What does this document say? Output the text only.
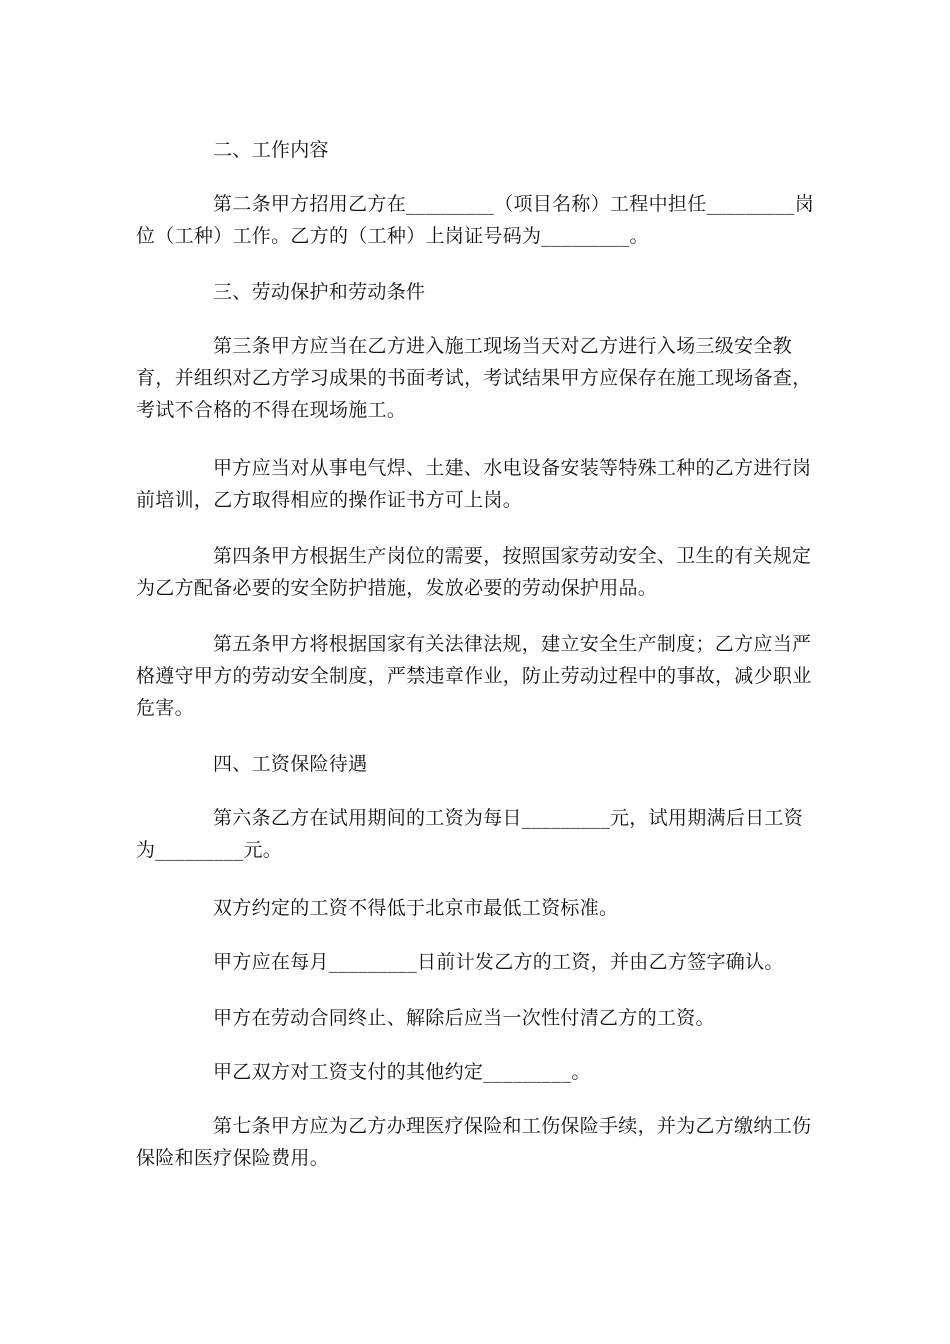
二、工作内容

第二条甲方招用乙方在_________（项目名称）工程中担任_________岗位（工种）工作。乙方的（工种）上岗证号码为_________。

三、劳动保护和劳动条件

第三条甲方应当在乙方进入施工现场当天对乙方进行入场三级安全教育，并组织对乙方学习成果的书面考试，考试结果甲方应保存在施工现场备查，考试不合格的不得在现场施工。

甲方应当对从事电气焊、土建、水电设备安装等特殊工种的乙方进行岗前培训，乙方取得相应的操作证书方可上岗。

第四条甲方根据生产岗位的需要，按照国家劳动安全、卫生的有关规定为乙方配备必要的安全防护措施，发放必要的劳动保护用品。

第五条甲方将根据国家有关法律法规，建立安全生产制度；乙方应当严格遵守甲方的劳动安全制度，严禁违章作业，防止劳动过程中的事故，减少职业危害。

四、工资保险待遇

第六条乙方在试用期间的工资为每日_________元，试用期满后日工资为_________元。

双方约定的工资不得低于北京市最低工资标准。

甲方应在每月_________日前计发乙方的工资，并由乙方签字确认。

甲方在劳动合同终止、解除后应当一次性付清乙方的工资。

甲乙双方对工资支付的其他约定_________。

第七条甲方应为乙方办理医疗保险和工伤保险手续，并为乙方缴纳工伤保险和医疗保险费用。
